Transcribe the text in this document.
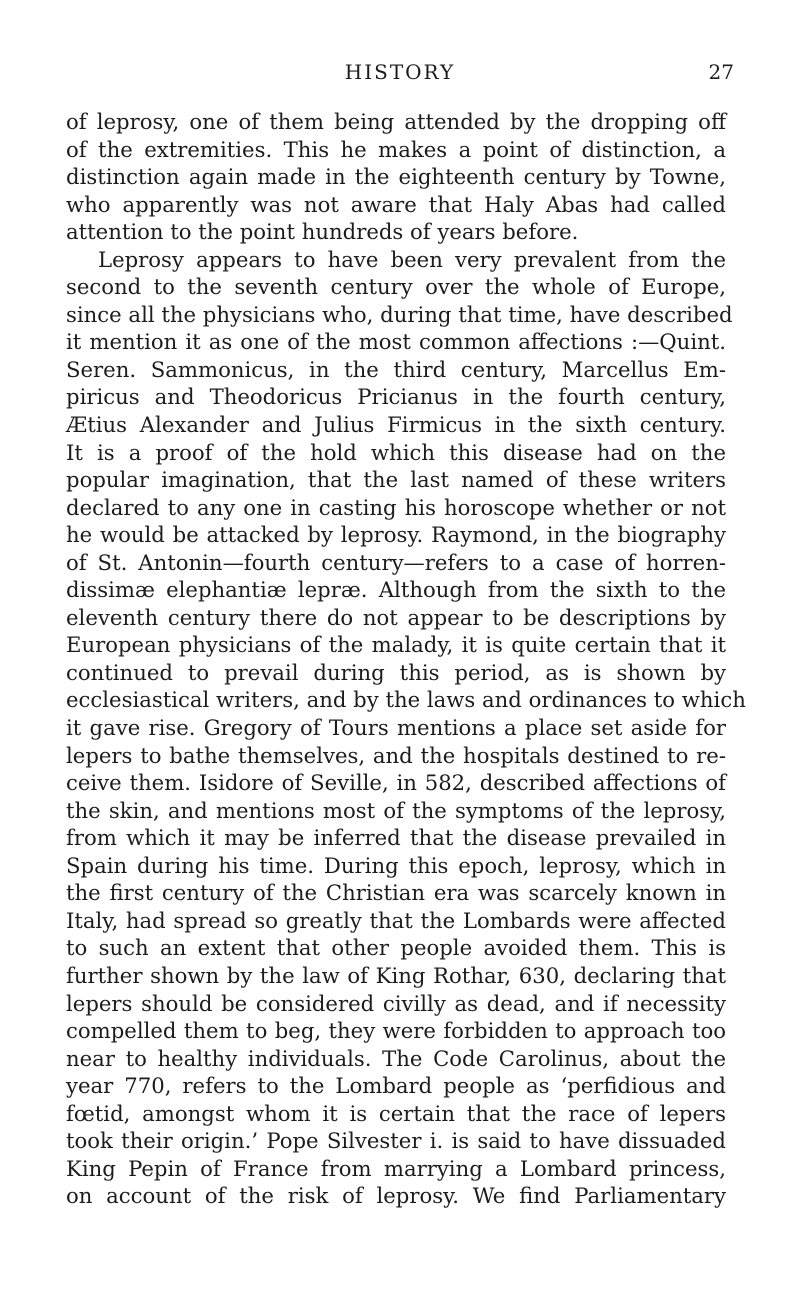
HISTORY	27
of leprosy, one of them being attended by the dropping off
of the extremities. This he makes a point of distinction, a
distinction again made in the eighteenth century by Towne,
who apparently was not aware that Haly Abas had called
attention to the point hundreds of years before.
Leprosy appears to have been very prevalent from the
second to the seventh century over the whole of Europe,
since all the physicians who, during that time, have described
it mention it as one of the most common affections :—Quint.
Seren. Sammonicus, in the third century, Marcellus Em-
piricus and Theodoricus Pricianus in the fourth century,
Ætius Alexander and Julius Firmicus in the sixth century.
It is a proof of the hold which this disease had on the
popular imagination, that the last named of these writers
declared to any one in casting his horoscope whether or not
he would be attacked by leprosy. Raymond, in the biography
of St. Antonin—fourth century—refers to a case of horren-
dissimæ elephantiæ lepræ. Although from the sixth to the
eleventh century there do not appear to be descriptions by
European physicians of the malady, it is quite certain that it
continued to prevail during this period, as is shown by
ecclesiastical writers, and by the laws and ordinances to which
it gave rise. Gregory of Tours mentions a place set aside for
lepers to bathe themselves, and the hospitals destined to re-
ceive them. Isidore of Seville, in 582, described affections of
the skin, and mentions most of the symptoms of the leprosy,
from which it may be inferred that the disease prevailed in
Spain during his time. During this epoch, leprosy, which in
the first century of the Christian era was scarcely known in
Italy, had spread so greatly that the Lombards were affected
to such an extent that other people avoided them. This is
further shown by the law of King Rothar, 630, declaring that
lepers should be considered civilly as dead, and if necessity
compelled them to beg, they were forbidden to approach too
near to healthy individuals. The Code Carolinus, about the
year 770, refers to the Lombard people as ‘perfidious and
fœtid, amongst whom it is certain that the race of lepers
took their origin.’ Pope Silvester i. is said to have dissuaded
King Pepin of France from marrying a Lombard princess,
on account of the risk of leprosy. We find Parliamentary
